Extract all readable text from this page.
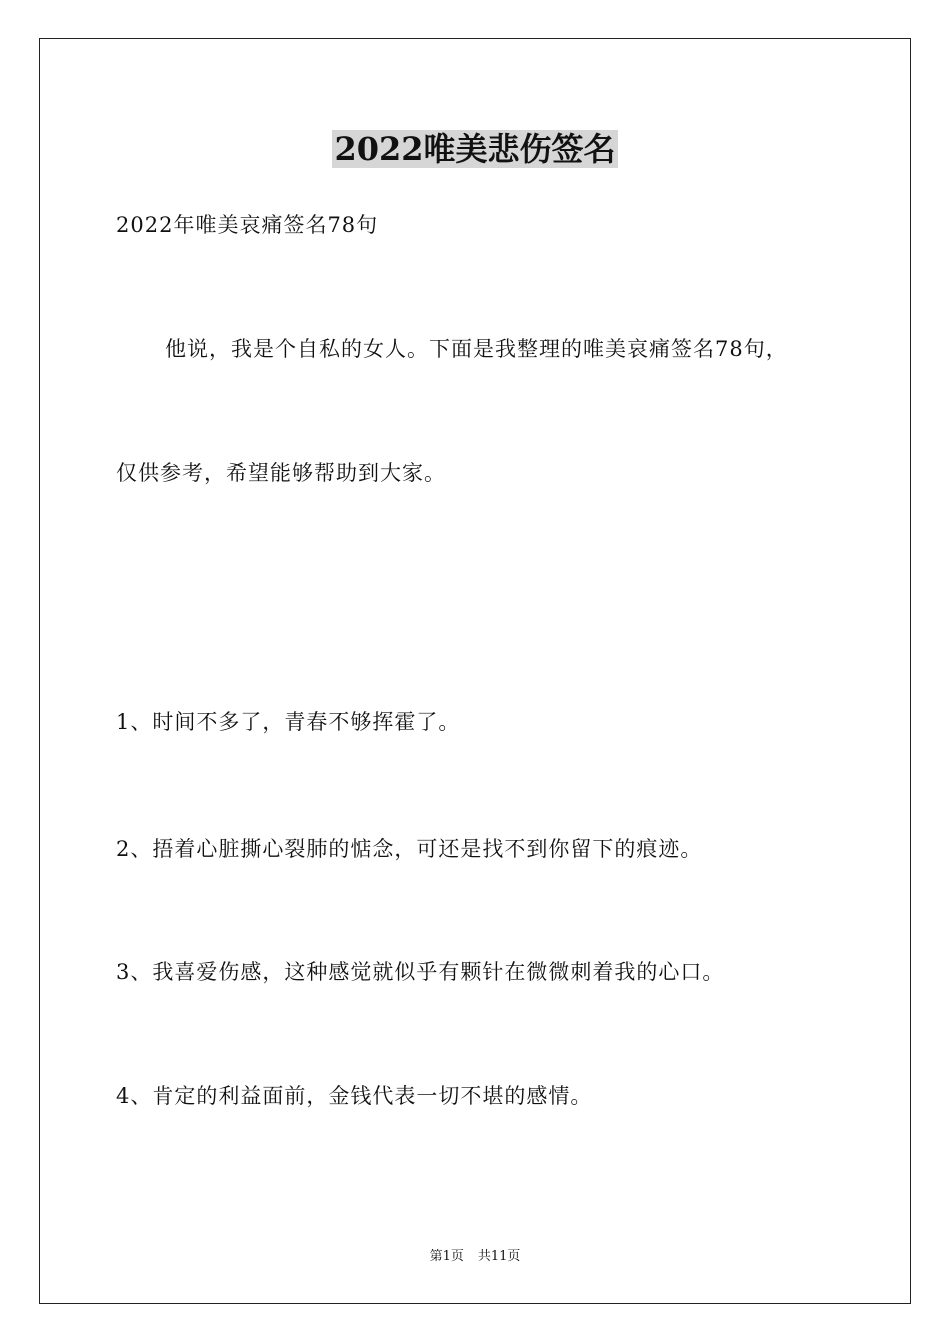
2022唯美悲伤签名
2022年唯美哀痛签名78句
他说，我是个自私的女人。下面是我整理的唯美哀痛签名78句，
仅供参考，希望能够帮助到大家。
1、时间不多了，青春不够挥霍了。
2、捂着心脏撕心裂肺的惦念，可还是找不到你留下的痕迹。
3、我喜爱伤感，这种感觉就似乎有颗针在微微刺着我的心口。
4、肯定的利益面前，金钱代表一切不堪的感情。
第1页 共11页
